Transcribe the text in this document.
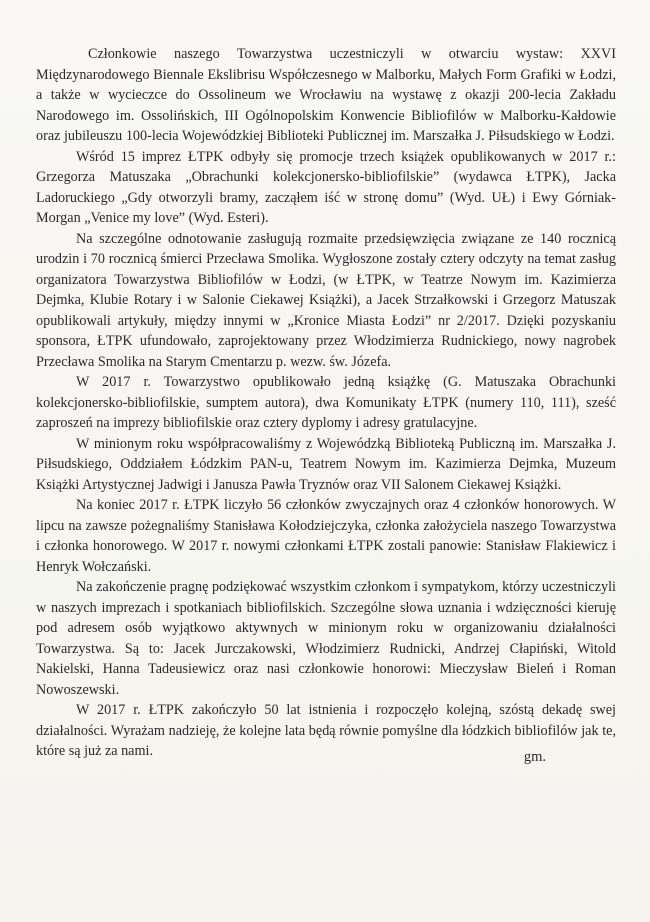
Członkowie naszego Towarzystwa uczestniczyli w otwarciu wystaw: XXVI Międzynarodowego Biennale Ekslibrisu Współczesnego w Malborku, Małych Form Grafiki w Łodzi, a także w wycieczce do Ossolineum we Wrocławiu na wystawę z okazji 200-lecia Zakładu Narodowego im. Ossolińskich, III Ogólnopolskim Konwencie Bibliofilów w Malborku-Kałdowie oraz jubileuszu 100-lecia Wojewódzkiej Biblioteki Publicznej im. Marszałka J. Piłsudskiego w Łodzi.

Wśród 15 imprez ŁTPK odbyły się promocje trzech książek opublikowanych w 2017 r.: Grzegorza Matuszaka „Obrachunki kolekcjonersko-bibliofilskie” (wydawca ŁTPK), Jacka Ladoruckiego „Gdy otworzyli bramy, zacząłem iść w stronę domu” (Wyd. UŁ) i Ewy Górniak-Morgan „Venice my love” (Wyd. Esteri).

Na szczególne odnotowanie zasługują rozmaite przedsięwzięcia związane ze 140 rocznicą urodzin i 70 rocznicą śmierci Przecława Smolika. Wygłoszone zostały cztery odczyty na temat zasług organizatora Towarzystwa Bibliofilów w Łodzi, (w ŁTPK, w Teatrze Nowym im. Kazimierza Dejmka, Klubie Rotary i w Salonie Ciekawej Książki), a Jacek Strzałkowski i Grzegorz Matuszak opublikowali artykuły, między innymi w „Kronice Miasta Łodzi” nr 2/2017. Dzięki pozyskaniu sponsora, ŁTPK ufundowało, zaprojektowany przez Włodzimierza Rudnickiego, nowy nagrobek Przecława Smolika na Starym Cmentarzu p. wezw. św. Józefa.

W 2017 r. Towarzystwo opublikowało jedną książkę (G. Matuszaka Obrachunki kolekcjonersko-bibliofilskie, sumptem autora), dwa Komunikaty ŁTPK (numery 110, 111), sześć zaproszeń na imprezy bibliofilskie oraz cztery dyplomy i adresy gratulacyjne.

W minionym roku współpracowaliśmy z Wojewódzką Biblioteką Publiczną im. Marszałka J. Piłsudskiego, Oddziałem Łódzkim PAN-u, Teatrem Nowym im. Kazimierza Dejmka, Muzeum Książki Artystycznej Jadwigi i Janusza Pawła Tryznów oraz VII Salonem Ciekawej Książki.

Na koniec 2017 r. ŁTPK liczyło 56 członków zwyczajnych oraz 4 członków honorowych. W lipcu na zawsze pożegnaliśmy Stanisława Kołodziejczyka, członka założyciela naszego Towarzystwa i członka honorowego. W 2017 r. nowymi członkami ŁTPK zostali panowie: Stanisław Flakiewicz i Henryk Wołczański.

Na zakończenie pragnę podziękować wszystkim członkom i sympatykom, którzy uczestniczyli w naszych imprezach i spotkaniach bibliofilskich. Szczególne słowa uznania i wdzięczności kieruję pod adresem osób wyjątkowo aktywnych w minionym roku w organizowaniu działalności Towarzystwa. Są to: Jacek Jurczakowski, Włodzimierz Rudnicki, Andrzej Cłapiński, Witold Nakielski, Hanna Tadeusiewicz oraz nasi członkowie honorowi: Mieczysław Bieleń i Roman Nowoszewski.

W 2017 r. ŁTPK zakończyło 50 lat istnienia i rozpoczęło kolejną, szóstą dekadę swej działalności. Wyrażam nadzieję, że kolejne lata będą równie pomyślne dla łódzkich bibliofilów jak te, które są już za nami.	gm.
